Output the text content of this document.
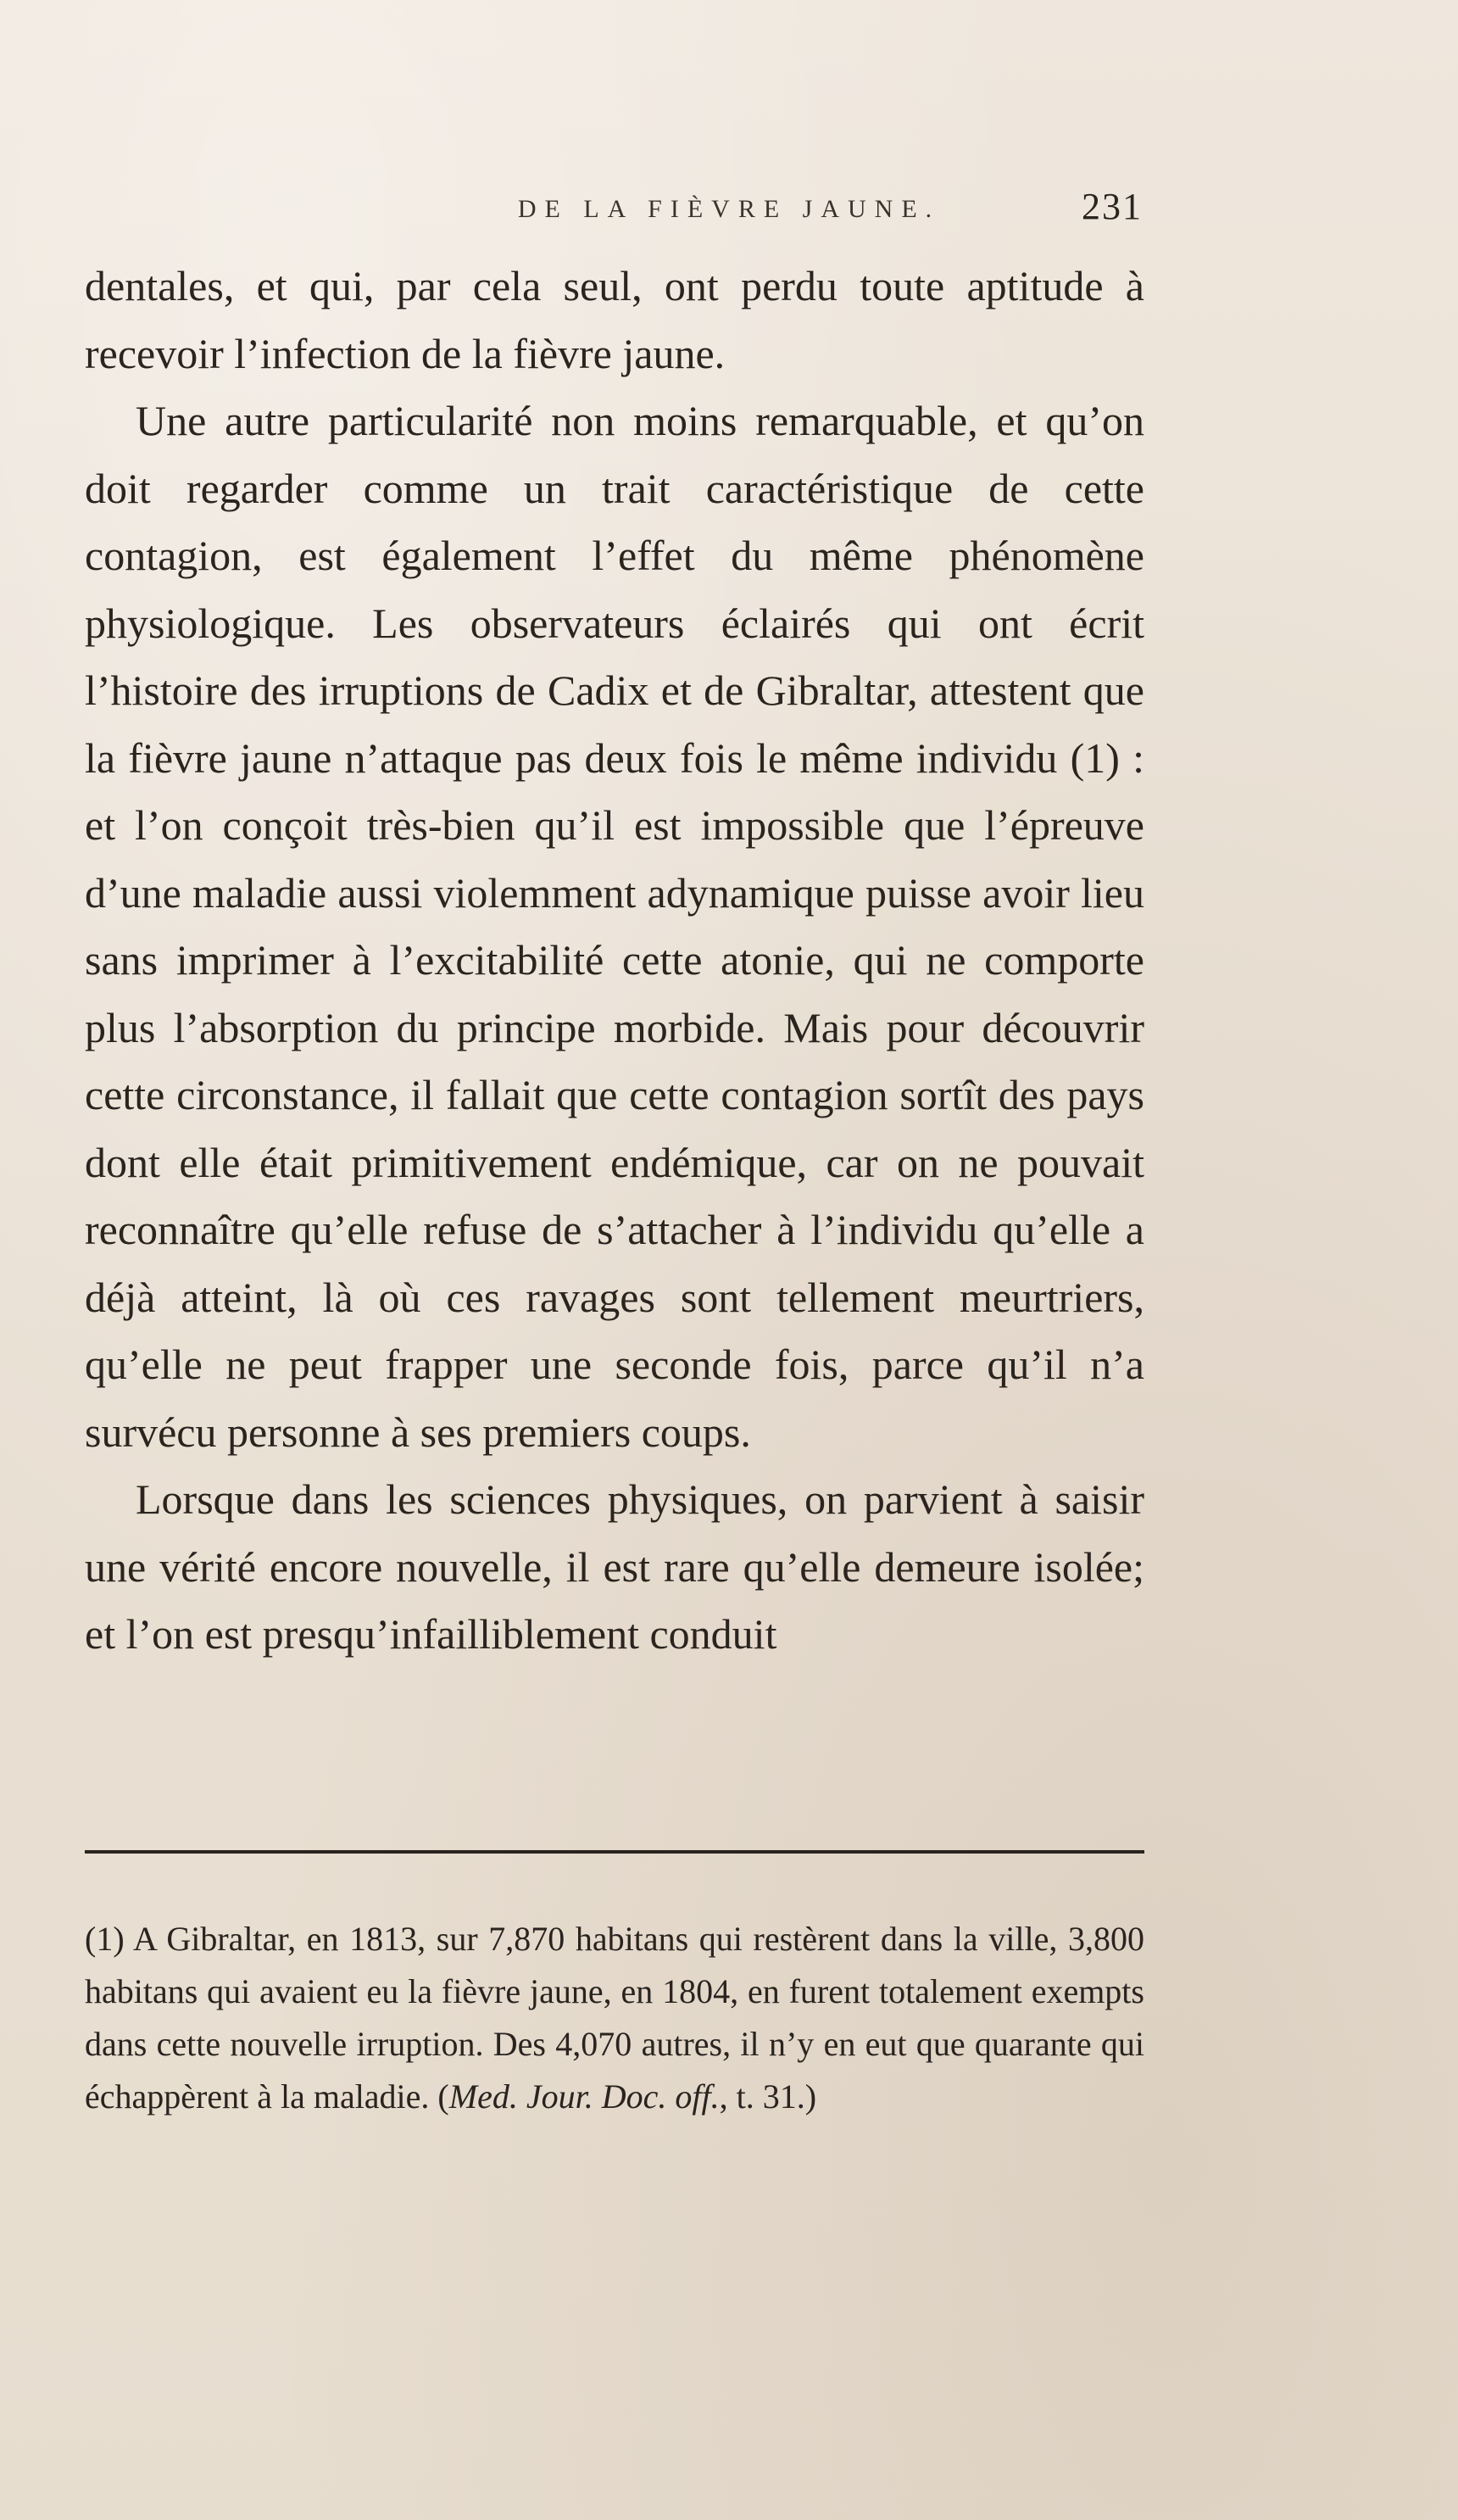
DE LA FIÈVRE JAUNE.	231

dentales, et qui, par cela seul, ont perdu toute aptitude à recevoir l’infection de la fièvre jaune.

Une autre particularité non moins remarquable, et qu’on doit regarder comme un trait caractéristique de cette contagion, est également l’effet du même phénomène physiologique. Les observateurs éclairés qui ont écrit l’histoire des irruptions de Cadix et de Gibraltar, attestent que la fièvre jaune n’attaque pas deux fois le même individu (1) : et l’on conçoit très-bien qu’il est impossible que l’épreuve d’une maladie aussi violemment adynamique puisse avoir lieu sans imprimer à l’excitabilité cette atonie, qui ne comporte plus l’absorption du principe morbide. Mais pour découvrir cette circonstance, il fallait que cette contagion sortît des pays dont elle était primitivement endémique, car on ne pouvait reconnaître qu’elle refuse de s’attacher à l’individu qu’elle a déjà atteint, là où ces ravages sont tellement meurtriers, qu’elle ne peut frapper une seconde fois, parce qu’il n’a survécu personne à ses premiers coups.

Lorsque dans les sciences physiques, on parvient à saisir une vérité encore nouvelle, il est rare qu’elle demeure isolée; et l’on est presqu’infailliblement conduit

(1) A Gibraltar, en 1813, sur 7,870 habitans qui restèrent dans la ville, 3,800 habitans qui avaient eu la fièvre jaune, en 1804, en furent totalement exempts dans cette nouvelle irruption. Des 4,070 autres, il n’y en eut que quarante qui échappèrent à la maladie. (Med. Jour. Doc. off., t. 31.)
